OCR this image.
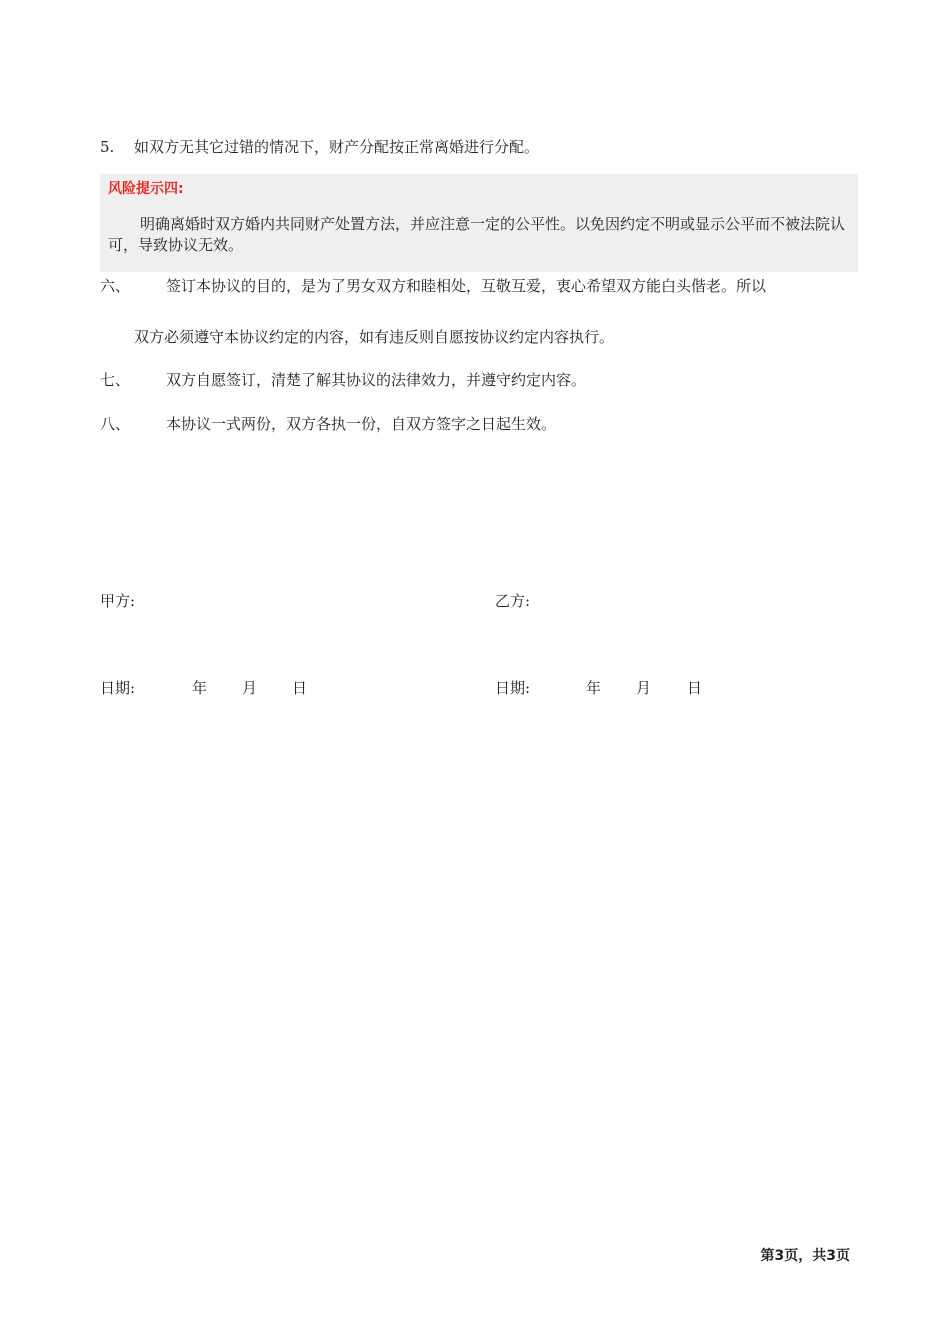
5. 如双方无其它过错的情况下，财产分配按正常离婚进行分配。
风险提示四:
明确离婚时双方婚内共同财产处置方法，并应注意一定的公平性。以免因约定不明或显示公平而不被法院认可，导致协议无效。
六、 签订本协议的目的，是为了男女双方和睦相处，互敬互爱，衷心希望双方能白头偕老。所以
双方必须遵守本协议约定的内容，如有违反则自愿按协议约定内容执行。
七、 双方自愿签订，清楚了解其协议的法律效力，并遵守约定内容。
八、 本协议一式两份，双方各执一份，自双方签字之日起生效。
甲方:	乙方:
日期:	年 月 日	日期:	年 月 日
第3页，共3页
